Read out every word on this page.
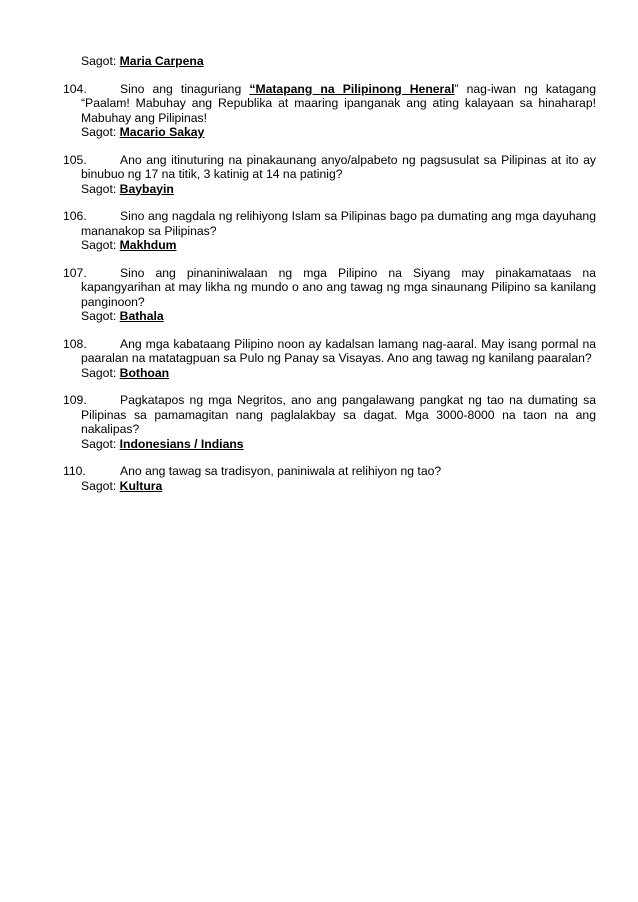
Sagot: Maria Carpena
104.	Sino ang tinaguriang “Matapang na Pilipinong Heneral” nag-iwan ng katagang “Paalam! Mabuhay ang Republika at maaring ipanganak ang ating kalayaan sa hinaharap! Mabuhay ang Pilipinas!
Sagot: Macario Sakay
105.	Ano ang itinuturing na pinakaunang anyo/alpabeto ng pagsusulat sa Pilipinas at ito ay binubuo ng 17 na titik, 3 katinig at 14 na patinig?
Sagot: Baybayin
106.	Sino ang nagdala ng relihiyong Islam sa Pilipinas bago pa dumating ang mga dayuhang mananakop sa Pilipinas?
Sagot: Makhdum
107.	Sino ang pinaniniwalaan ng mga Pilipino na Siyang may pinakamataas na kapangyarihan at may likha ng mundo o ano ang tawag ng mga sinaunang Pilipino sa kanilang panginoon?
Sagot: Bathala
108.	Ang mga kabataang Pilipino noon ay kadalsan lamang nag-aaral. May isang pormal na paaralan na matatagpuan sa Pulo ng Panay sa Visayas. Ano ang tawag ng kanilang paaralan?
Sagot: Bothoan
109.	Pagkatapos ng mga Negritos, ano ang pangalawang pangkat ng tao na dumating sa Pilipinas sa pamamagitan nang paglalakbay sa dagat. Mga 3000-8000 na taon na ang nakalipas?
Sagot: Indonesians / Indians
110.	Ano ang tawag sa tradisyon, paniniwala at relihiyon ng tao?
Sagot: Kultura
